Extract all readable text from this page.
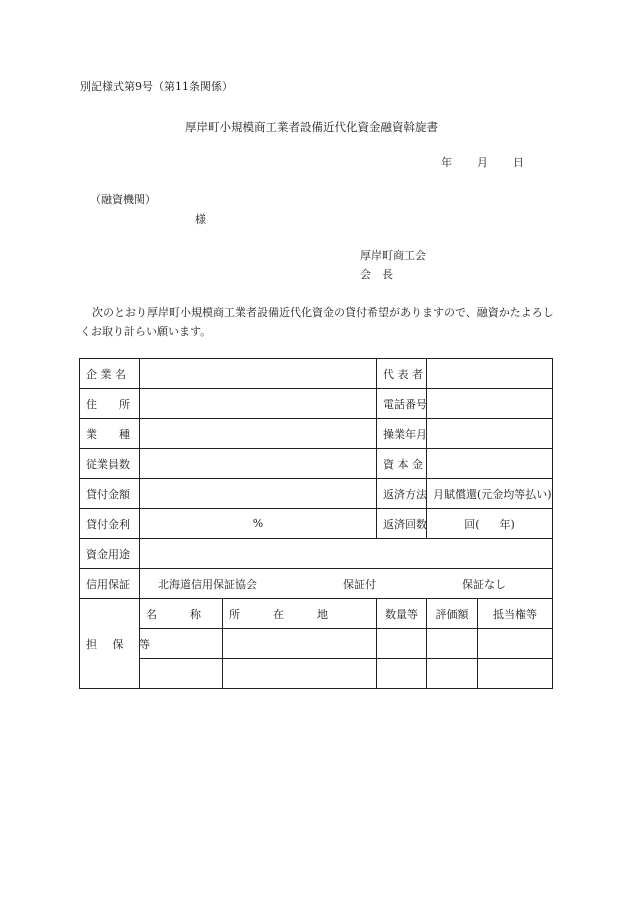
別記様式第9号（第11条関係）
厚岸町小規模商工業者設備近代化資金融資斡旋書
年 月 日
（融資機関）
様
厚岸町商工会
会　長
次のとおり厚岸町小規模商工業者設備近代化資金の貸付希望がありますので、融資かたよろしくお取り計らい願います。
企 業 名			代 表 者		
住　　所			電話番号		
業　　種			操業年月		
従業員数			資 本 金		
貸付金額			返済方法	月賦償還(元金均等払い)	
貸付金利	%		返済回数	回( 年)	
資金用途					
信用保証	北海道信用保証協会 保証付 保証なし				

担 保 等	名　　　称	所　　　在　　　地	数量等	評価額	抵当権等
